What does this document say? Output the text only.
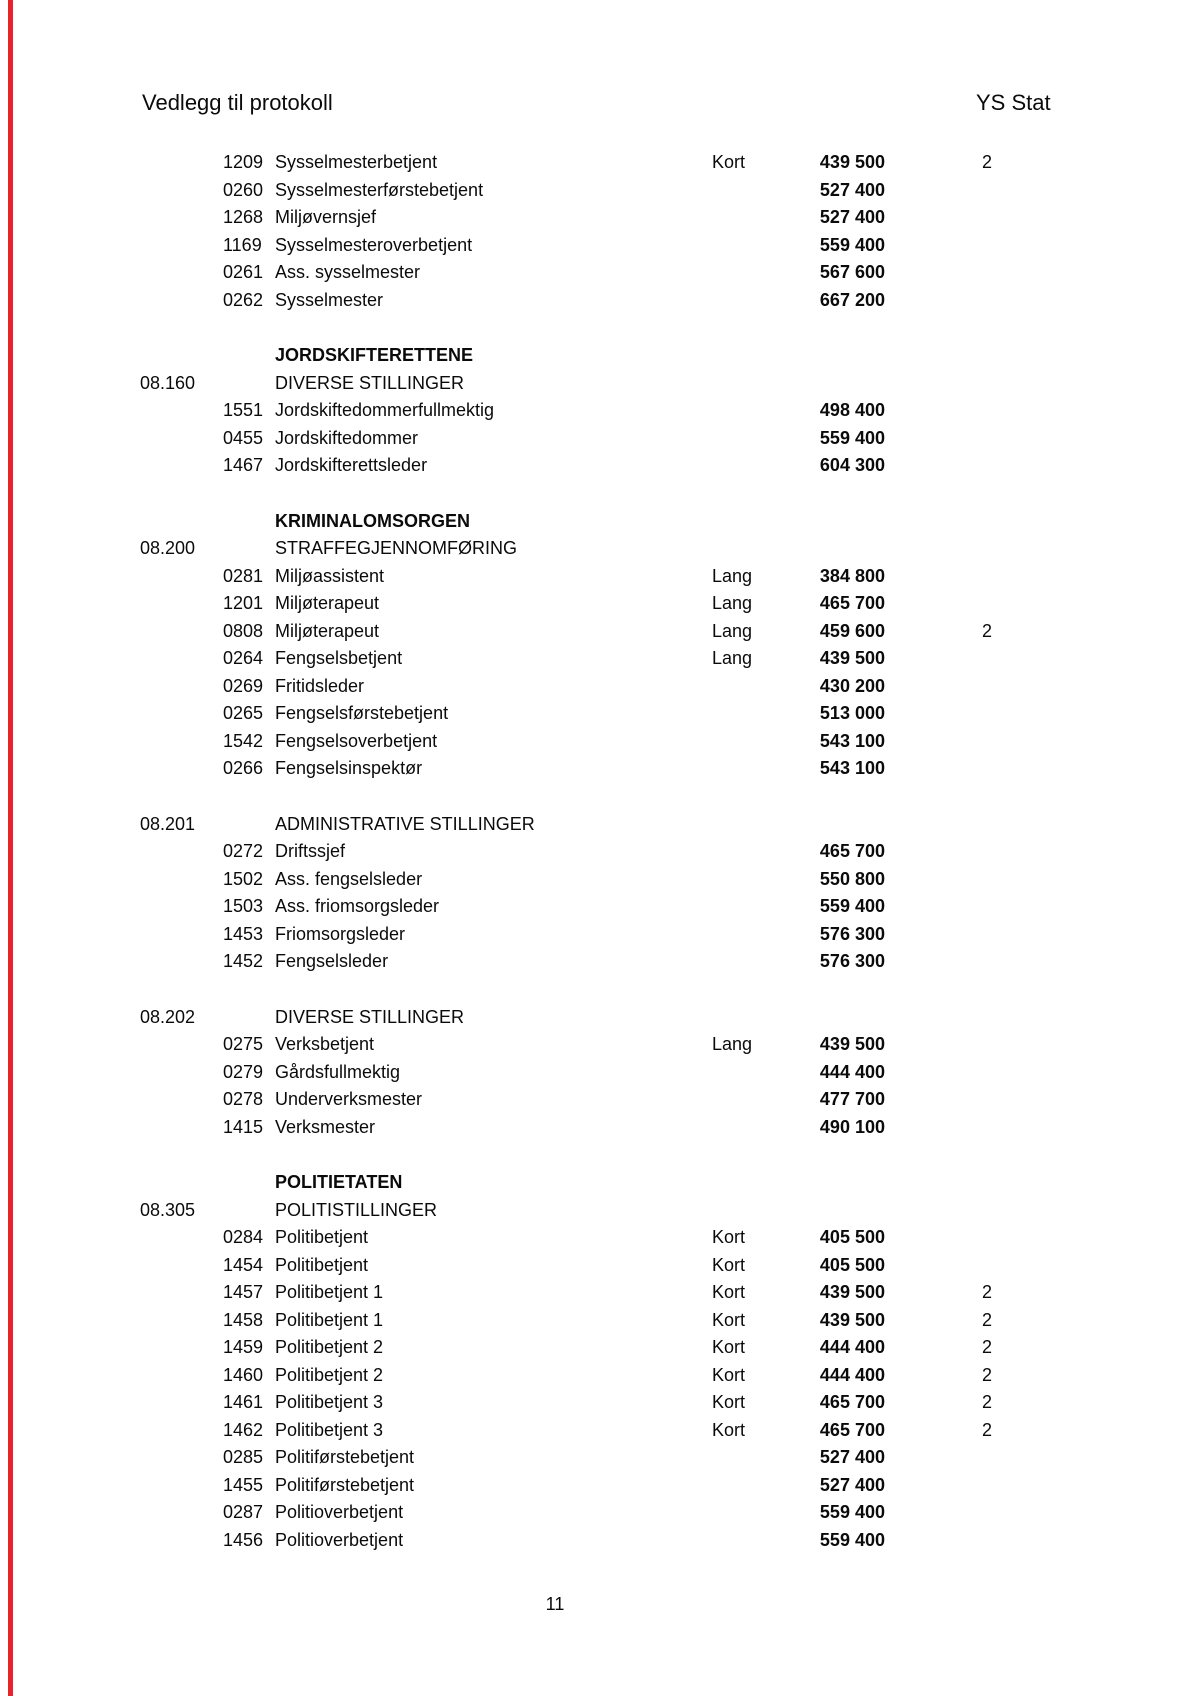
Vedlegg til protokoll	YS Stat
1209 Sysselmesterbetjent	Kort	439 500	2
0260 Sysselmesterførstebetjent	527 400
1268 Miljøvernsjef	527 400
1169 Sysselmesteroverbetjent	559 400
0261 Ass. sysselmester	567 600
0262 Sysselmester	667 200
JORDSKIFTERETTENE
08.160	DIVERSE STILLINGER
1551 Jordskiftedommerfullmektig	498 400
0455 Jordskiftedommer	559 400
1467 Jordskifterettsleder	604 300
KRIMINALOMSORGEN
08.200	STRAFFEGJENNOMFØRING
0281 Miljøassistent	Lang	384 800
1201 Miljøterapeut	Lang	465 700
0808 Miljøterapeut	Lang	459 600	2
0264 Fengselsbetjent	Lang	439 500
0269 Fritidsleder	430 200
0265 Fengselsførstebetjent	513 000
1542 Fengselsoverbetjent	543 100
0266 Fengselsinspektør	543 100
08.201	ADMINISTRATIVE STILLINGER
0272 Driftssjef	465 700
1502 Ass. fengselsleder	550 800
1503 Ass. friomsorgsleder	559 400
1453 Friomsorgsleder	576 300
1452 Fengselsleder	576 300
08.202	DIVERSE STILLINGER
0275 Verksbetjent	Lang	439 500
0279 Gårdsfullmektig	444 400
0278 Underverksmester	477 700
1415 Verksmester	490 100
POLITIETATEN
08.305	POLITISTILLINGER
0284 Politibetjent	Kort	405 500
1454 Politibetjent	Kort	405 500
1457 Politibetjent 1	Kort	439 500	2
1458 Politibetjent 1	Kort	439 500	2
1459 Politibetjent 2	Kort	444 400	2
1460 Politibetjent 2	Kort	444 400	2
1461 Politibetjent 3	Kort	465 700	2
1462 Politibetjent 3	Kort	465 700	2
0285 Politiførstebetjent	527 400
1455 Politiførstebetjent	527 400
0287 Politioverbetjent	559 400
1456 Politioverbetjent	559 400
11
